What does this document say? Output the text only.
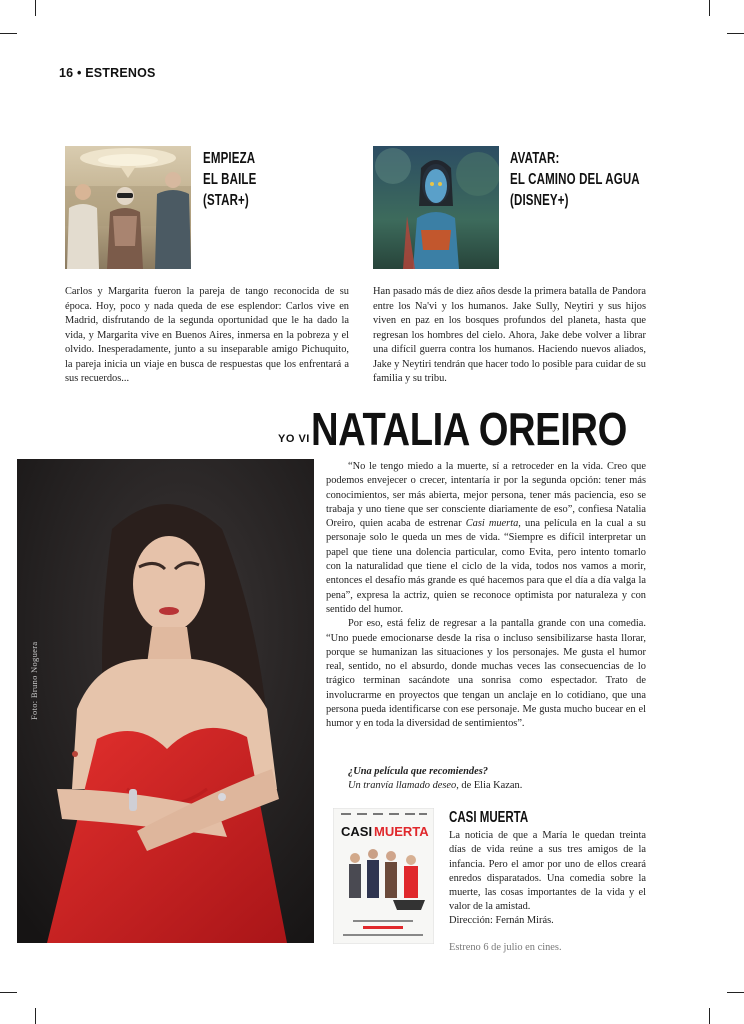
16 • ESTRENOS
EMPIEZA
EL BAILE
(STAR+)
Carlos y Margarita fueron la pareja de tango reconocida de su época. Hoy, poco y nada queda de ese esplendor: Carlos vive en Madrid, disfrutando de la segunda oportunidad que le ha dado la vida, y Margarita vive en Buenos Aires, inmersa en la pobreza y el olvido. Inesperadamente, junto a su inseparable amigo Pichuquito, la pareja inicia un viaje en busca de respuestas que los enfrentará a sus recuerdos...
AVATAR:
EL CAMINO DEL AGUA
(DISNEY+)
Han pasado más de diez años desde la primera batalla de Pandora entre los Na'vi y los humanos. Jake Sully, Neytiri y sus hijos viven en paz en los bosques profundos del planeta, hasta que regresan los hombres del cielo. Ahora, Jake debe volver a librar una difícil guerra contra los humanos. Haciendo nuevos aliados, Jake y Neytiri tendrán que hacer todo lo posible para cuidar de su familia y su tribu.
YO VI NATALIA OREIRO
Foto: Bruno Noguera

“No le tengo miedo a la muerte, sí a retroceder en la vida. Creo que podemos envejecer o crecer, intentaría ir por la segunda opción: tener más conocimientos, ser más abierta, mejor persona, tener más paciencia, eso se trabaja y uno tiene que ser consciente diariamente de eso”, confiesa Natalia Oreiro, quien acaba de estrenar Casi muerta, una película en la cual a su personaje solo le queda un mes de vida. “Siempre es difícil interpretar un papel que tiene una dolencia particular, como Evita, pero intento tomarlo con la naturalidad que tiene el ciclo de la vida, todos nos vamos a morir, entonces el desafío más grande es qué hacemos para que el día a día valga la pena”, expresa la actriz, quien se reconoce optimista por naturaleza y con sentido del humor.

Por eso, está feliz de regresar a la pantalla grande con una comedia. “Uno puede emocionarse desde la risa o incluso sensibilizarse hasta llorar, porque se humanizan las situaciones y los personajes. Me gusta el humor real, sentido, no el absurdo, donde muchas veces las consecuencias de lo trágico terminan sacándote una sonrisa como espectador. Trato de involucrarme en proyectos que tengan un anclaje en lo cotidiano, que una persona pueda identificarse con ese personaje. Me gusta mucho bucear en el humor y en toda la diversidad de sentimientos”.

¿Una película que recomiendes?
Un tranvía llamado deseo, de Elia Kazan.
CASI MUERTA
CASI MUERTA
La noticia de que a María le quedan treinta días de vida reúne a sus tres amigos de la infancia. Pero el amor por uno de ellos creará enredos disparatados. Una comedia sobre la muerte, las cosas importantes de la vida y el valor de la amistad.
Dirección: Fernán Mirás.
Estreno 6 de julio en cines.
